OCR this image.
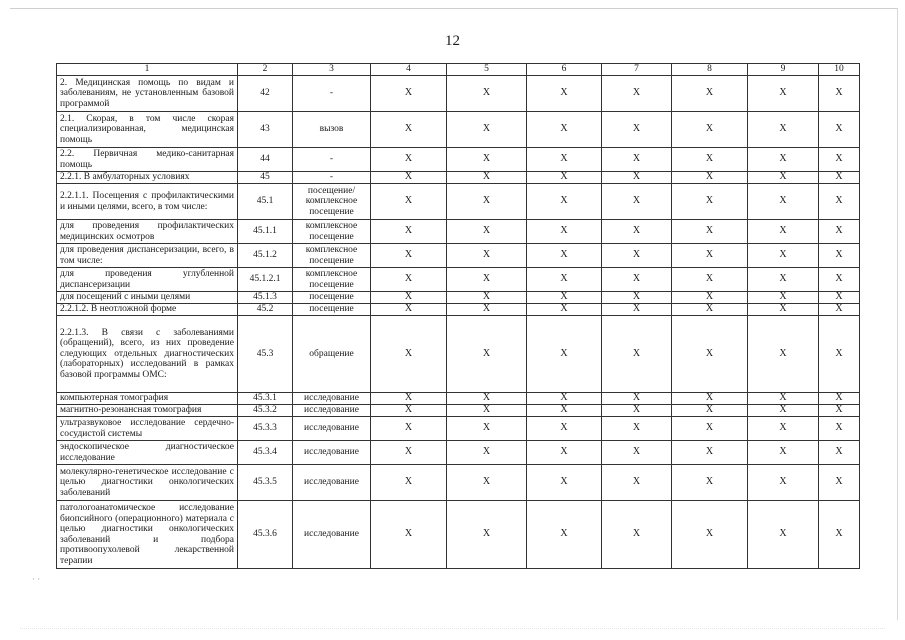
· ·
12
1	2	3	4	5	6	7	8	9	10
2. Медицинская помощь по видам и заболеваниям, не установленным базовой программой	42	-	X	X	X	X	X	X	X
2.1. Скорая, в том числе скорая специализированная, медицинская помощь	43	вызов	X	X	X	X	X	X	X
2.2. Первичная медико-санитарная помощь	44	-	X	X	X	X	X	X	X
2.2.1. В амбулаторных условиях	45	-	X	X	X	X	X	X	X
2.2.1.1. Посещения с профилактическими и иными целями, всего, в том числе:	45.1	посещение/ комплексное посещение	X	X	X	X	X	X	X
для проведения профилактических медицинских осмотров	45.1.1	комплексное посещение	X	X	X	X	X	X	X
для проведения диспансеризации, всего, в том числе:	45.1.2	комплексное посещение	X	X	X	X	X	X	X
для проведения углубленной диспансеризации	45.1.2.1	комплексное посещение	X	X	X	X	X	X	X
для посещений с иными целями	45.1.3	посещение	X	X	X	X	X	X	X
2.2.1.2. В неотложной форме	45.2	посещение	X	X	X	X	X	X	X
2.2.1.3. В связи с заболеваниями (обращений), всего, из них проведение следующих отдельных диагностических (лабораторных) исследований в рамках базовой программы ОМС:	45.3	обращение	X	X	X	X	X	X	X
компьютерная томография	45.3.1	исследование	X	X	X	X	X	X	X
магнитно-резонансная томография	45.3.2	исследование	X	X	X	X	X	X	X
ультразвуковое исследование сердечно-сосудистой системы	45.3.3	исследование	X	X	X	X	X	X	X
эндоскопическое диагностическое исследование	45.3.4	исследование	X	X	X	X	X	X	X
молекулярно-генетическое исследование с целью диагностики онкологических заболеваний	45.3.5	исследование	X	X	X	X	X	X	X
патологоанатомическое исследование биопсийного (операционного) материала с целью диагностики онкологических заболеваний и подбора противоопухолевой лекарственной терапии	45.3.6	исследование	X	X	X	X	X	X	X
